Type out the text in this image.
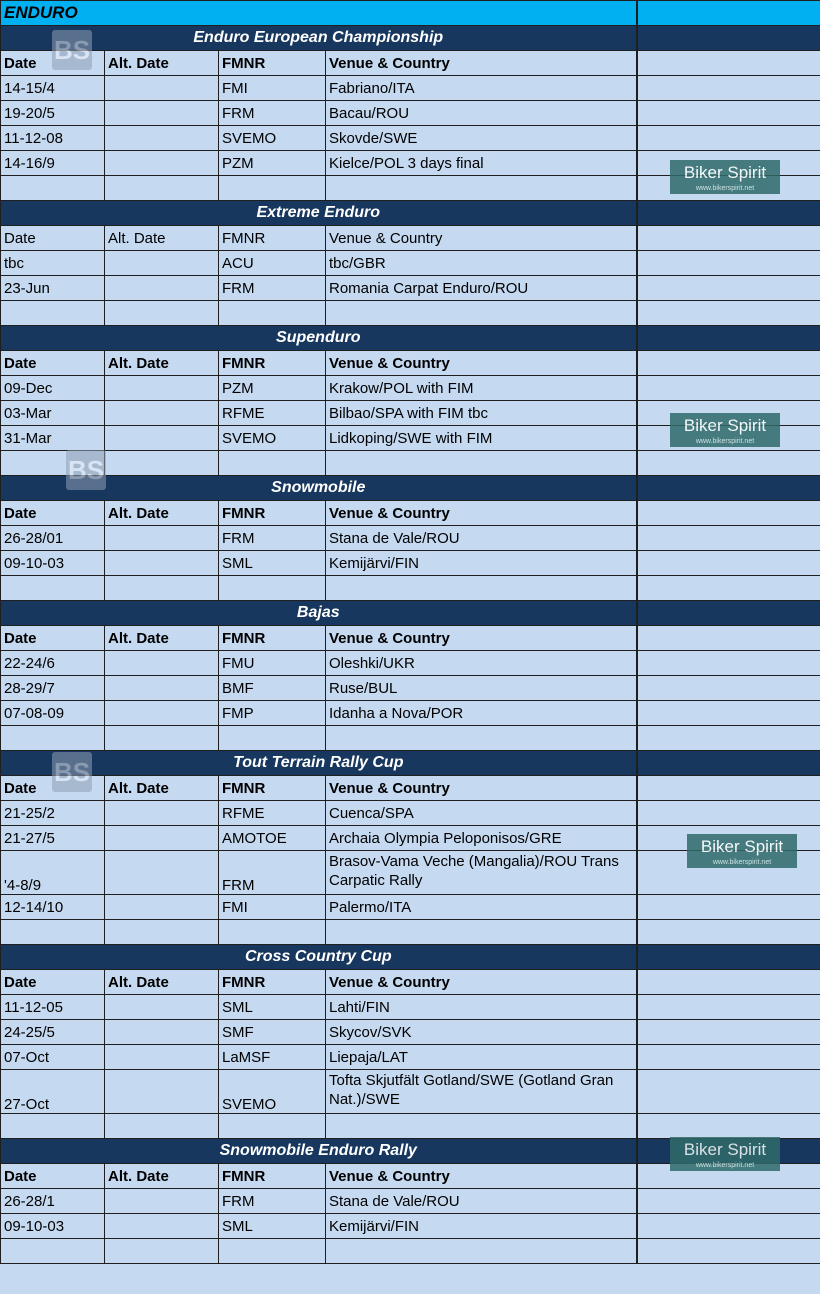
ENDURO				
Enduro European Championship				
Date	Alt. Date	FMNR	Venue & Country	
14-15/4		FMI	Fabriano/ITA	
19-20/5		FRM	Bacau/ROU	
11-12-08		SVEMO	Skovde/SWE	
14-16/9		PZM	Kielce/POL 3 days final	

Extreme Enduro				
Date	Alt. Date	FMNR	Venue & Country	
tbc		ACU	tbc/GBR	
23-Jun		FRM	Romania Carpat Enduro/ROU	

Supenduro				
Date	Alt. Date	FMNR	Venue & Country	
09-Dec		PZM	Krakow/POL with FIM	
03-Mar		RFME	Bilbao/SPA with FIM tbc	
31-Mar		SVEMO	Lidkoping/SWE with FIM	

Snowmobile				
Date	Alt. Date	FMNR	Venue & Country	
26-28/01		FRM	Stana de Vale/ROU	
09-10-03		SML	Kemijärvi/FIN	

Bajas				
Date	Alt. Date	FMNR	Venue & Country	
22-24/6		FMU	Oleshki/UKR	
28-29/7		BMF	Ruse/BUL	
07-08-09		FMP	Idanha a Nova/POR	

Tout Terrain Rally Cup				
Date	Alt. Date	FMNR	Venue & Country	
21-25/2		RFME	Cuenca/SPA	
21-27/5		AMOTOE	Archaia Olympia Peloponisos/GRE	
'4-8/9		FRM	Brasov-Vama Veche (Mangalia)/ROU Trans Carpatic Rally	
12-14/10		FMI	Palermo/ITA	

Cross Country Cup				
Date	Alt. Date	FMNR	Venue & Country	
11-12-05		SML	Lahti/FIN	
24-25/5		SMF	Skycov/SVK	
07-Oct		LaMSF	Liepaja/LAT	
27-Oct		SVEMO	Tofta Skjutfält Gotland/SWE (Gotland Gran Nat.)/SWE	

Snowmobile Enduro Rally				
Date	Alt. Date	FMNR	Venue & Country	
26-28/1		FRM	Stana de Vale/ROU	
09-10-03		SML	Kemijärvi/FIN	

BS
BS
BS
Biker Spirit
www.bikerspirit.net
Biker Spirit
www.bikerspirit.net
Biker Spirit
www.bikerspirit.net
Biker Spirit
www.bikerspirit.net
